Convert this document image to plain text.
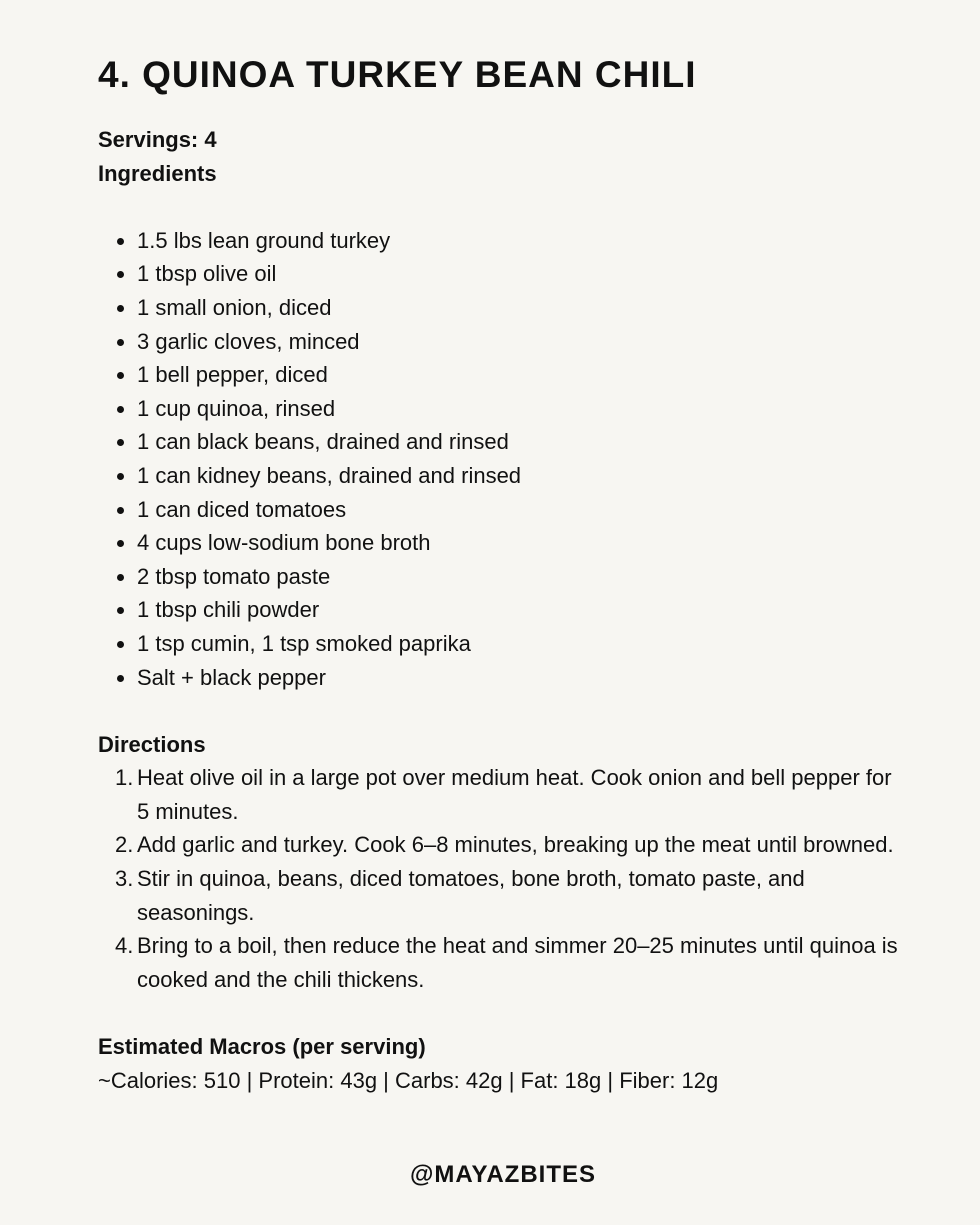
4. QUINOA TURKEY BEAN CHILI

Servings: 4

Ingredients

1.5 lbs lean ground turkey
1 tbsp olive oil
1 small onion, diced
3 garlic cloves, minced
1 bell pepper, diced
1 cup quinoa, rinsed
1 can black beans, drained and rinsed
1 can kidney beans, drained and rinsed
1 can diced tomatoes
4 cups low-sodium bone broth
2 tbsp tomato paste
1 tbsp chili powder
1 tsp cumin, 1 tsp smoked paprika
Salt + black pepper

Directions

1. Heat olive oil in a large pot over medium heat. Cook onion and bell pepper for 5 minutes.
2. Add garlic and turkey. Cook 6–8 minutes, breaking up the meat until browned.
3. Stir in quinoa, beans, diced tomatoes, bone broth, tomato paste, and seasonings.
4. Bring to a boil, then reduce the heat and simmer 20–25 minutes until quinoa is cooked and the chili thickens.

Estimated Macros (per serving)

~Calories: 510 | Protein: 43g | Carbs: 42g | Fat: 18g | Fiber: 12g

@MAYAZBITES
